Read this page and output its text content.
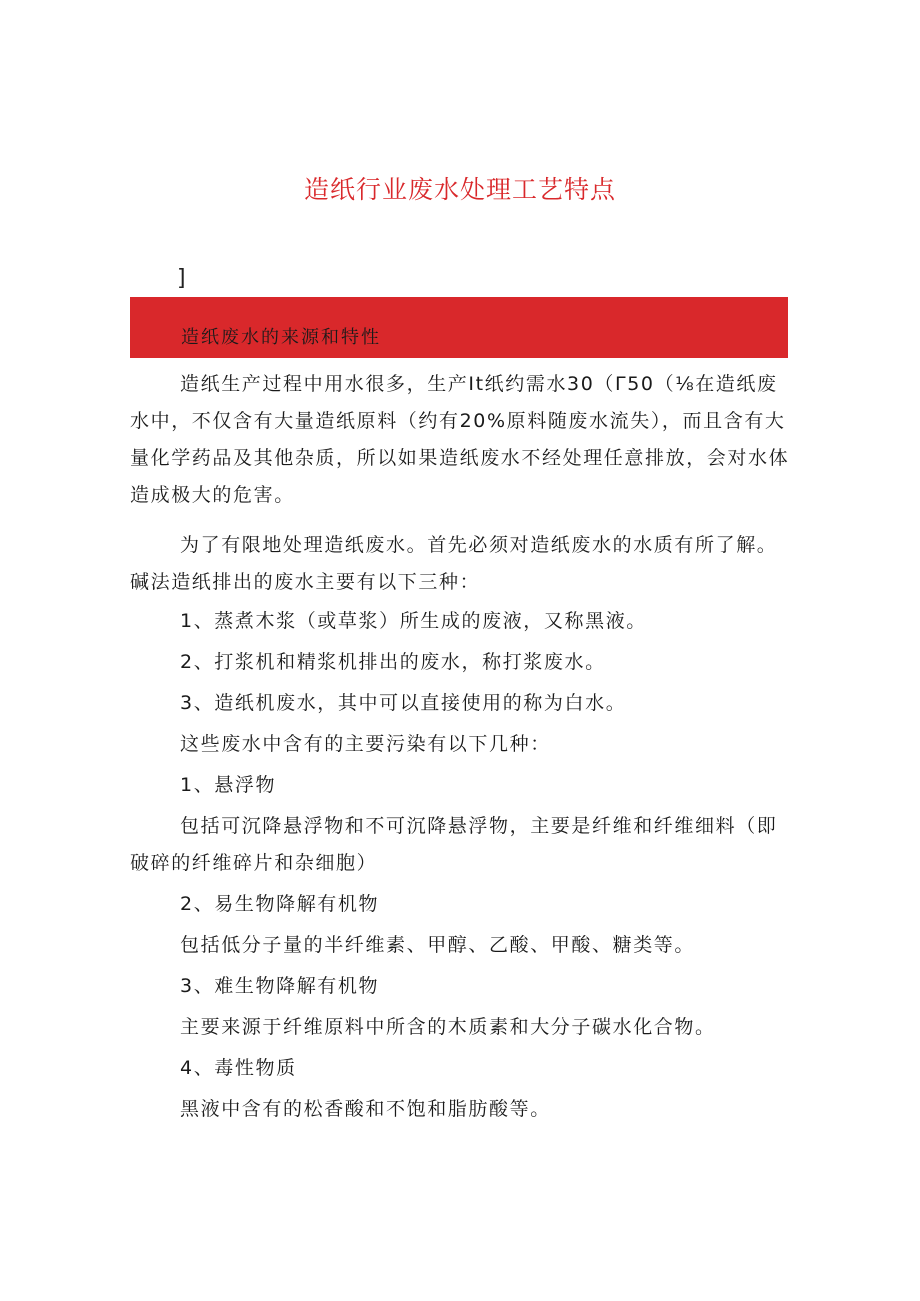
造纸行业废水处理工艺特点
]
造纸废水的来源和特性

造纸生产过程中用水很多，生产It纸约需水30（Γ50（⅛在造纸废水中，不仅含有大量造纸原料（约有20%原料随废水流失），而且含有大量化学药品及其他杂质，所以如果造纸废水不经处理任意排放，会对水体造成极大的危害。

为了有限地处理造纸废水。首先必须对造纸废水的水质有所了解。碱法造纸排出的废水主要有以下三种：

1、蒸煮木浆（或草浆）所生成的废液，又称黑液。

2、打浆机和精浆机排出的废水，称打浆废水。

3、造纸机废水，其中可以直接使用的称为白水。

这些废水中含有的主要污染有以下几种：

1、悬浮物

包括可沉降悬浮物和不可沉降悬浮物，主要是纤维和纤维细料（即破碎的纤维碎片和杂细胞）

2、易生物降解有机物

包括低分子量的半纤维素、甲醇、乙酸、甲酸、糖类等。

3、难生物降解有机物

主要来源于纤维原料中所含的木质素和大分子碳水化合物。

4、毒性物质

黑液中含有的松香酸和不饱和脂肪酸等。
